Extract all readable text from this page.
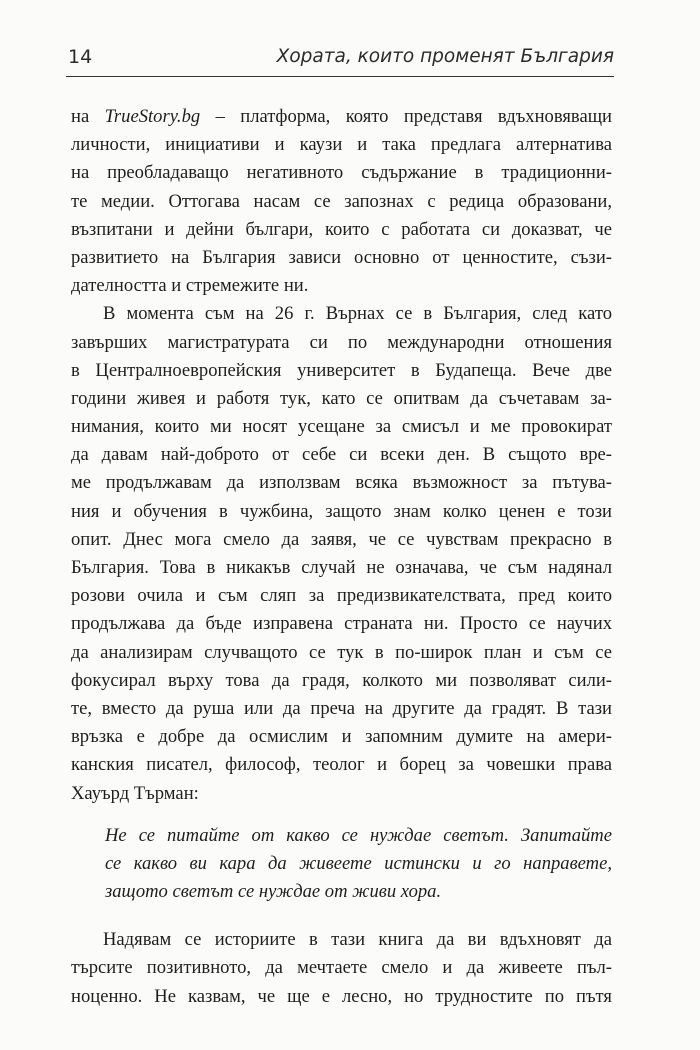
14	Хората, които променят България
на TrueStory.bg – платформа, която представя вдъхновяващи
личности, инициативи и каузи и така предлага алтернатива
на преобладаващо негативното съдържание в традиционни-
те медии. Оттогава насам се запознах с редица образовани,
възпитани и дейни българи, които с работата си доказват, че
развитието на България зависи основно от ценностите, съзи-
дателността и стремежите ни.
В момента съм на 26 г. Върнах се в България, след като
завърших магистратурата си по международни отношения
в Централноевропейския университет в Будапеща. Вече две
години живея и работя тук, като се опитвам да съчетавам за-
нимания, които ми носят усещане за смисъл и ме провокират
да давам най-доброто от себе си всеки ден. В същото вре-
ме продължавам да използвам всяка възможност за пътува-
ния и обучения в чужбина, защото знам колко ценен е този
опит. Днес мога смело да заявя, че се чувствам прекрасно в
България. Това в никакъв случай не означава, че съм надянал
розови очила и съм сляп за предизвикателствата, пред които
продължава да бъде изправена страната ни. Просто се научих
да анализирам случващото се тук в по-широк план и съм се
фокусирал върху това да градя, колкото ми позволяват сили-
те, вместо да руша или да преча на другите да градят. В тази
връзка е добре да осмислим и запомним думите на амери-
канския писател, философ, теолог и борец за човешки права
Хауърд Търман:
Не се питайте от какво се нуждае светът. Запитайте
се какво ви кара да живеете истински и го направете,
защото светът се нуждае от живи хора.
Надявам се историите в тази книга да ви вдъхновят да
търсите позитивното, да мечтаете смело и да живеете пъл-
ноценно. Не казвам, че ще е лесно, но трудностите по пътя
